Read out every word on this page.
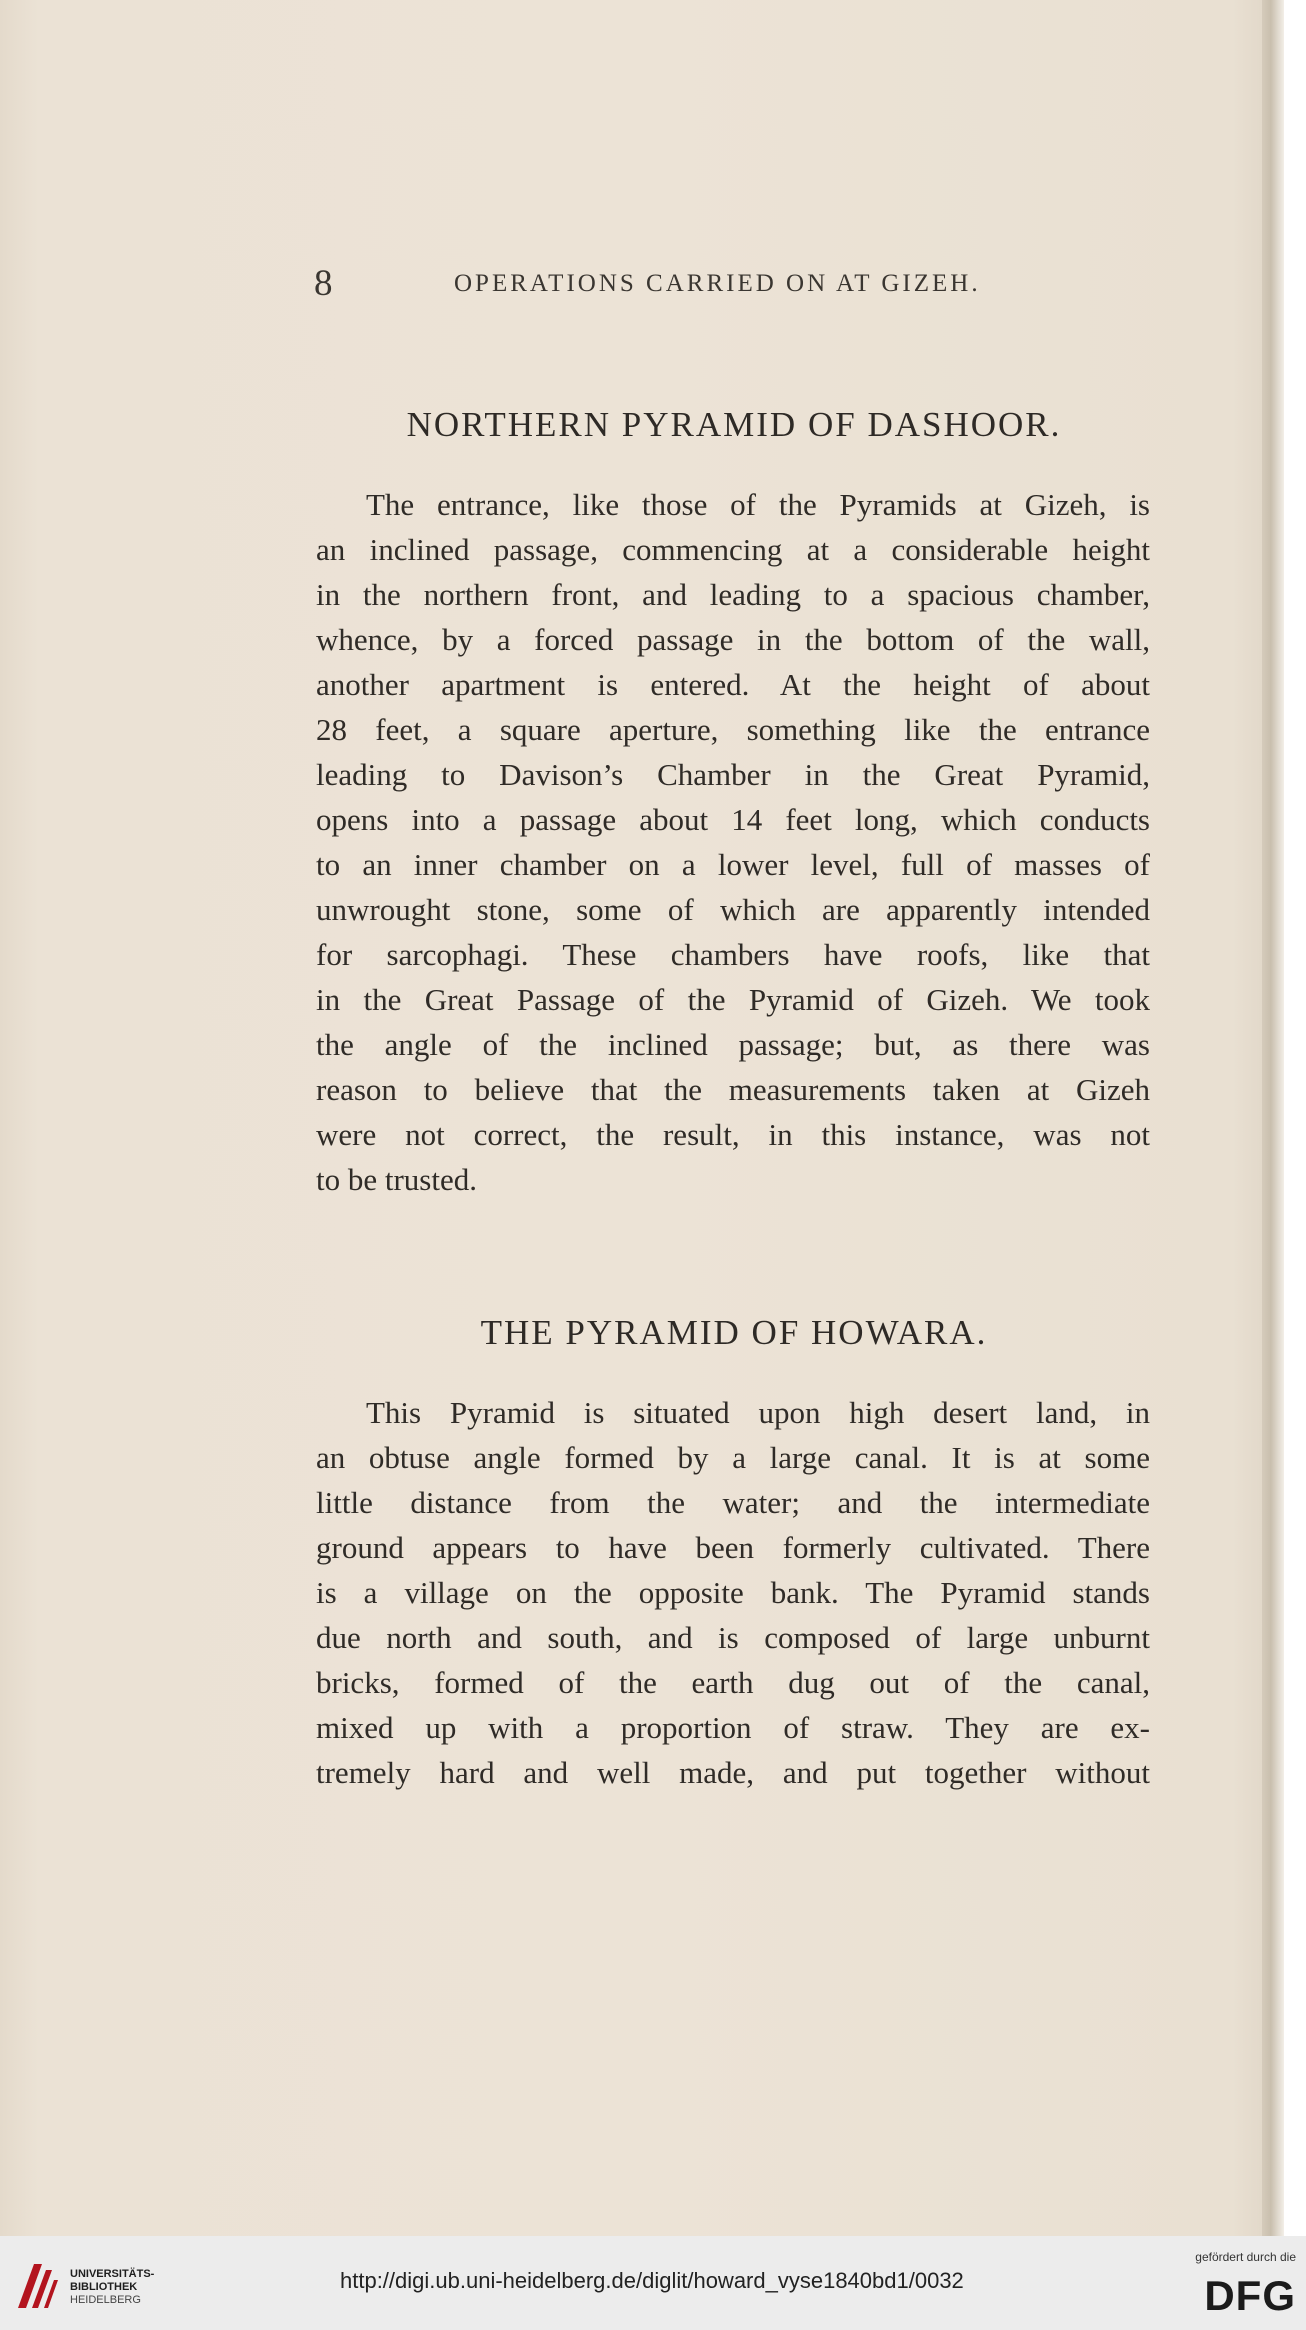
8	OPERATIONS CARRIED ON AT GIZEH.
NORTHERN PYRAMID OF DASHOOR.
The entrance, like those of the Pyramids at Gizeh, is
an inclined passage, commencing at a considerable height
in the northern front, and leading to a spacious chamber,
whence, by a forced passage in the bottom of the wall,
another apartment is entered. At the height of about
28 feet, a square aperture, something like the entrance
leading to Davison’s Chamber in the Great Pyramid,
opens into a passage about 14 feet long, which conducts
to an inner chamber on a lower level, full of masses of
unwrought stone, some of which are apparently intended
for sarcophagi. These chambers have roofs, like that
in the Great Passage of the Pyramid of Gizeh. We took
the angle of the inclined passage; but, as there was
reason to believe that the measurements taken at Gizeh
were not correct, the result, in this instance, was not
to be trusted.
THE PYRAMID OF HOWARA.
This Pyramid is situated upon high desert land, in
an obtuse angle formed by a large canal. It is at some
little distance from the water; and the intermediate
ground appears to have been formerly cultivated. There
is a village on the opposite bank. The Pyramid stands
due north and south, and is composed of large unburnt
bricks, formed of the earth dug out of the canal,
mixed up with a proportion of straw. They are ex-
tremely hard and well made, and put together without
UNIVERSITÄTS-
BIBLIOTHEK
HEIDELBERG
http://digi.ub.uni-heidelberg.de/diglit/howard_vyse1840bd1/0032
gefördert durch die
DFG
